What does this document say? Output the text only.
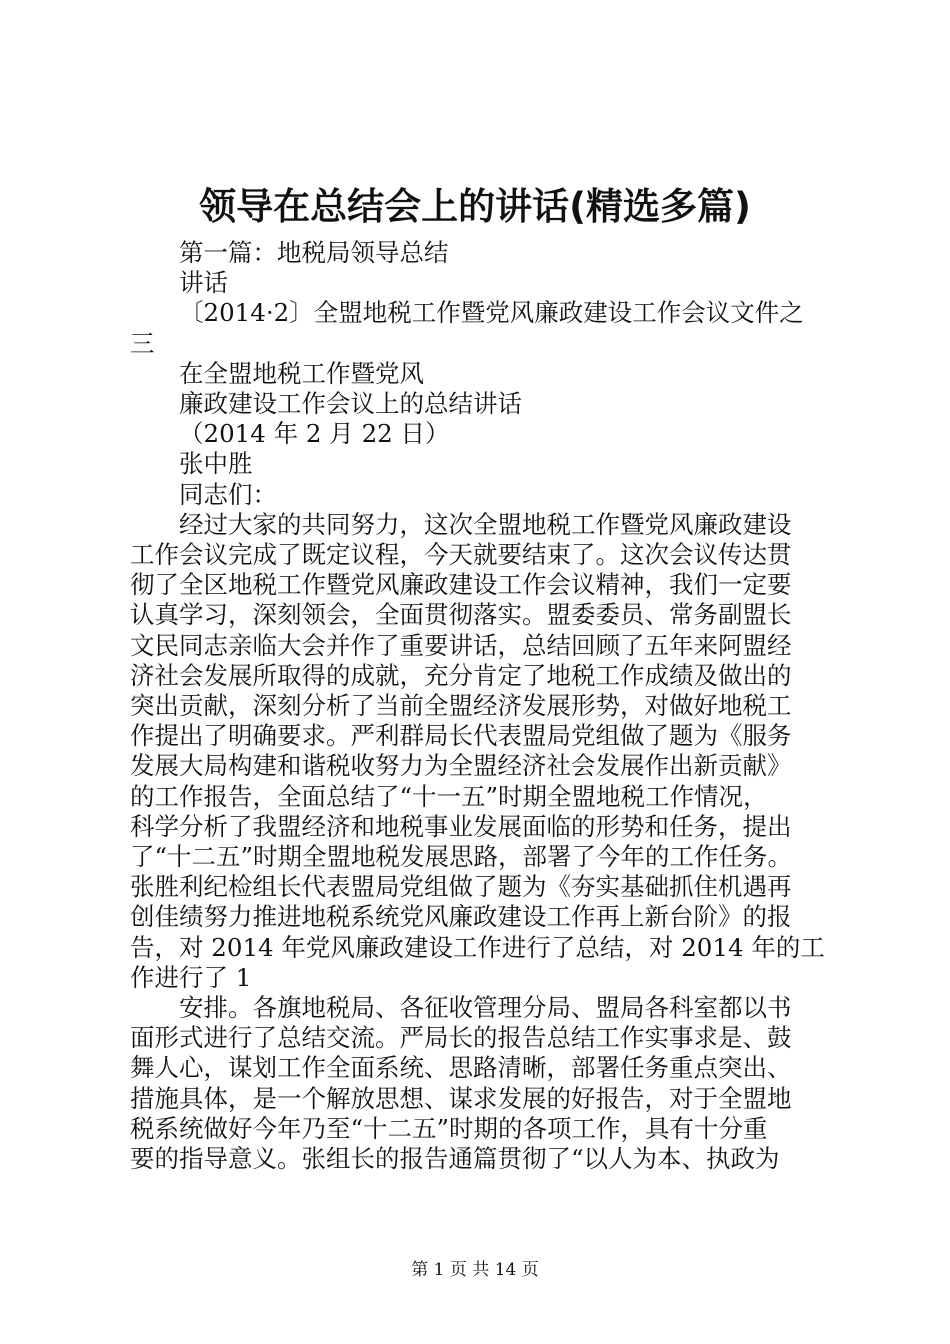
领导在总结会上的讲话(精选多篇)
第一篇：地税局领导总结
讲话
〔2014·2〕全盟地税工作暨党风廉政建设工作会议文件之
三
在全盟地税工作暨党风
廉政建设工作会议上的总结讲话
（2014 年 2 月 22 日）
张中胜
同志们：
经过大家的共同努力，这次全盟地税工作暨党风廉政建设
工作会议完成了既定议程，今天就要结束了。这次会议传达贯
彻了全区地税工作暨党风廉政建设工作会议精神，我们一定要
认真学习，深刻领会，全面贯彻落实。盟委委员、常务副盟长
文民同志亲临大会并作了重要讲话，总结回顾了五年来阿盟经
济社会发展所取得的成就，充分肯定了地税工作成绩及做出的
突出贡献，深刻分析了当前全盟经济发展形势，对做好地税工
作提出了明确要求。严利群局长代表盟局党组做了题为《服务
发展大局构建和谐税收努力为全盟经济社会发展作出新贡献》
的工作报告，全面总结了“十一五”时期全盟地税工作情况，
科学分析了我盟经济和地税事业发展面临的形势和任务，提出
了“十二五”时期全盟地税发展思路，部署了今年的工作任务。
张胜利纪检组长代表盟局党组做了题为《夯实基础抓住机遇再
创佳绩努力推进地税系统党风廉政建设工作再上新台阶》的报
告，对 2014 年党风廉政建设工作进行了总结，对 2014 年的工
作进行了 1
安排。各旗地税局、各征收管理分局、盟局各科室都以书
面形式进行了总结交流。严局长的报告总结工作实事求是、鼓
舞人心，谋划工作全面系统、思路清晰，部署任务重点突出、
措施具体，是一个解放思想、谋求发展的好报告，对于全盟地
税系统做好今年乃至“十二五”时期的各项工作，具有十分重
要的指导意义。张组长的报告通篇贯彻了“以人为本、执政为
第 1 页 共 14 页
